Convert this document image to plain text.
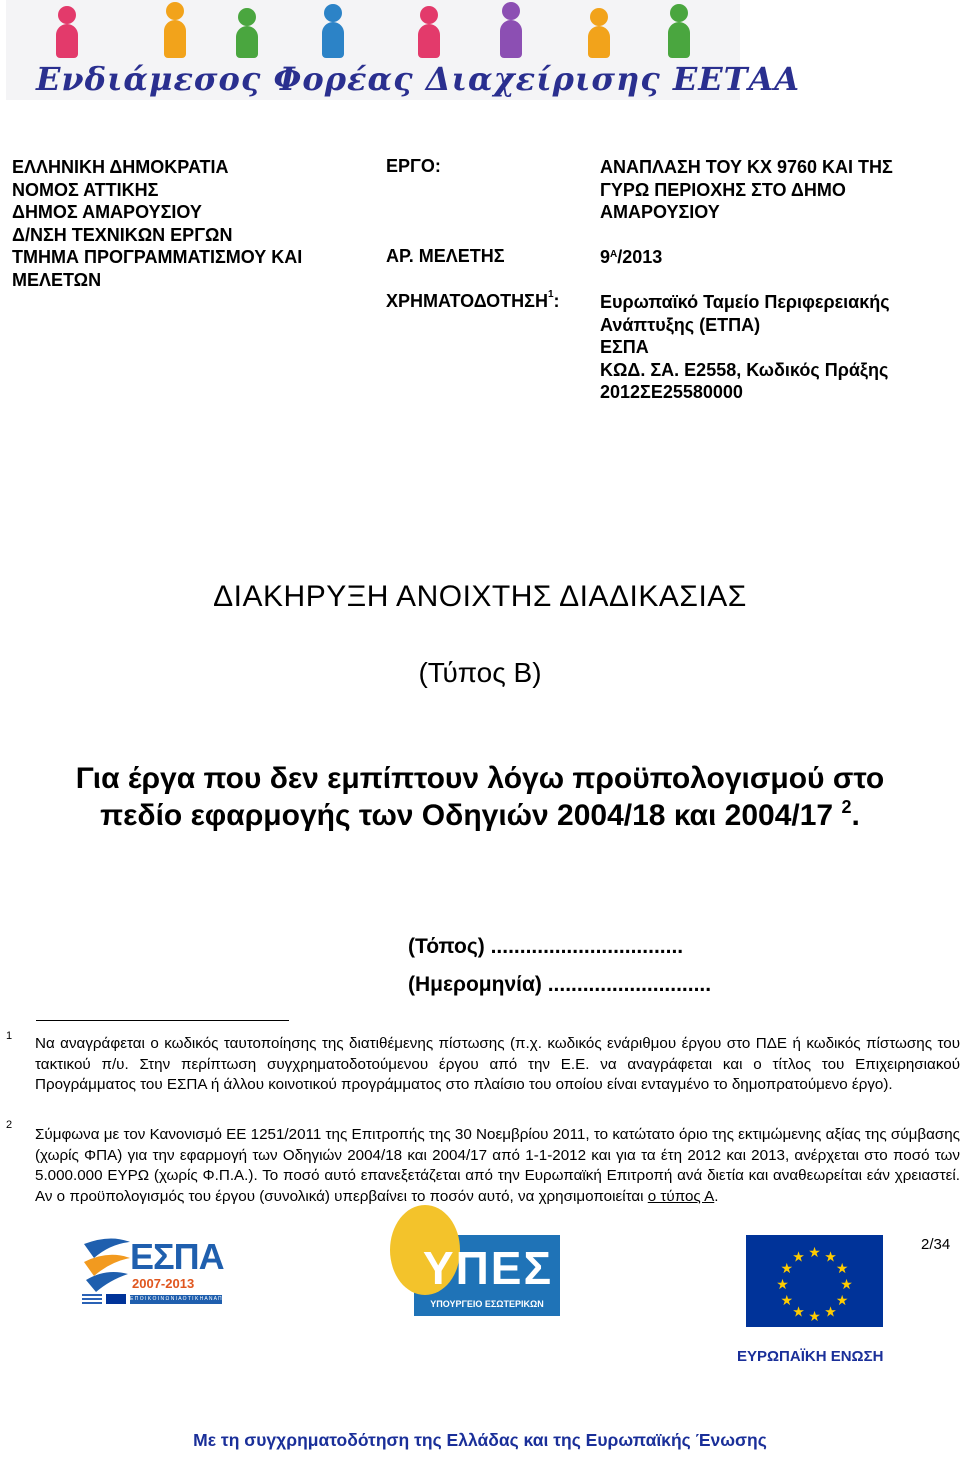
Ενδιάμεσος Φορέας Διαχείρισης ΕΕΤΑΑ
ΕΛΛΗΝΙΚΗ ΔΗΜΟΚΡΑΤΙΑ
ΝΟΜΟΣ ΑΤΤΙΚΗΣ
ΔΗΜΟΣ ΑΜΑΡΟΥΣΙΟΥ
Δ/ΝΣΗ ΤΕΧΝΙΚΩΝ ΕΡΓΩΝ
ΤΜΗΜΑ ΠΡΟΓΡΑΜΜΑΤΙΣΜΟΥ ΚΑΙ
ΜΕΛΕΤΩΝ
ΕΡΓΟ:	ΑΝΑΠΛΑΣΗ ΤΟΥ ΚΧ 9760 ΚΑΙ ΤΗΣ
ΓΥΡΩ ΠΕΡΙΟΧΗΣ ΣΤΟ ΔΗΜΟ
ΑΜΑΡΟΥΣΙΟΥ
ΑΡ. ΜΕΛΕΤΗΣ	$9^A/2013$
ΧΡΗΜΑΤΟΔΟΤΗΣΗ$^1$: Ευρωπαϊκό Ταμείο Περιφερειακής
Ανάπτυξης (ΕΤΠΑ)
ΕΣΠΑ
ΚΩΔ. ΣΑ. Ε2558, Κωδικός Πράξης
2012ΣΕ25580000
ΔΙΑΚΗΡΥΞΗ ΑΝΟΙΧΤΗΣ ΔΙΑΔΙΚΑΣΙΑΣ
(Τύπος Β)
Για έργα που δεν εμπίπτουν λόγω προϋπολογισμού στο
πεδίο εφαρμογής των Οδηγιών 2004/18 και 2004/17 $^2$.
(Τόπος) .................................
(Ημερομηνία) ............................
1 Να αναγράφεται ο κωδικός ταυτοποίησης της διατιθέμενης πίστωσης (π.χ. κωδικός ενάριθμου έργου στο ΠΔΕ ή κωδικός πίστωσης του τακτικού π/υ. Στην περίπτωση συγχρηματοδοτούμενου έργου από την Ε.Ε. να αναγράφεται και ο τίτλος του Επιχειρησιακού Προγράμματος του ΕΣΠΑ ή άλλου κοινοτικού προγράμματος στο πλαίσιο του οποίου είναι ενταγμένο το δημοπρατούμενο έργο).
2
Σύμφωνα με τον Κανονισμό ΕΕ 1251/2011 της Επιτροπής της 30 Νοεμβρίου 2011, το κατώτατο όριο της εκτιμώμενης αξίας της σύμβασης (χωρίς ΦΠΑ) για την εφαρμογή των Οδηγιών 2004/18 και 2004/17 από 1-1-2012 και για τα έτη 2012 και 2013, ανέρχεται στο ποσό των 5.000.000 ΕΥΡΩ (χωρίς Φ.Π.Α.). Το ποσό αυτό επανεξετάζεται από την Ευρωπαϊκή Επιτροπή ανά διετία και αναθεωρείται εάν χρειαστεί. Αν ο προϋπολογισμός του έργου (συνολικά) υπερβαίνει το ποσόν αυτό, να χρησιμοποιείται ο τύπος Α.
ΕΣΠΑ
2007-2013
Ε Π Ο Ι Κ Ο Ι Ν Ω Ν Ι Α Ο Τ Ι Κ Η Α Ν Α Π Τ Υ Ξ Η
ΥΠΕΣ
ΥΠΟΥΡΓΕΙΟ ΕΣΩΤΕΡΙΚΩΝ
★ ★
★
★
★
★
★
★
★
★
★
★
2/34
ΕΥΡΩΠΑΪΚΗ ΕΝΩΣΗ
Με τη συγχρηματοδότηση της Ελλάδας και της Ευρωπαϊκής Ένωσης
